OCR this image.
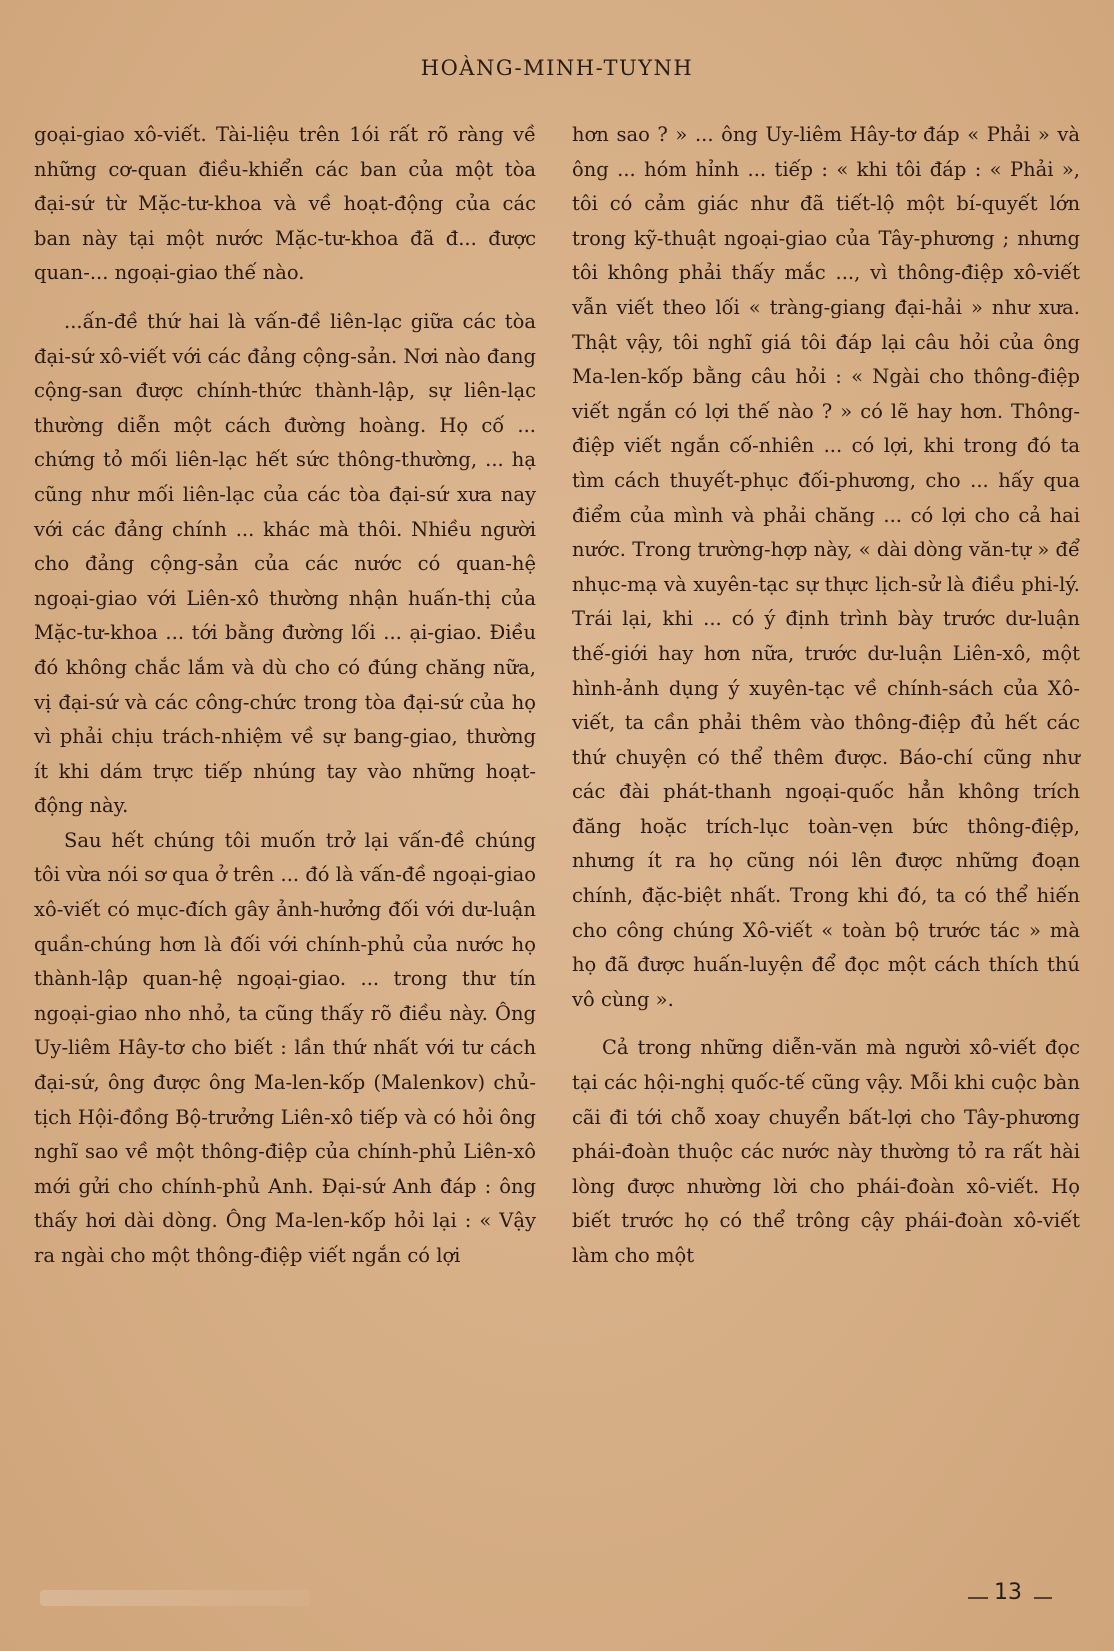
HOÀNG-MINH-TUYNH

goại-giao xô-viết. Tài-liệu trên 1ói rất rõ ràng về những cơ-quan điều-khiển các ban của một tòa đại-sứ từ Mặc-tư-khoa và về hoạt-động của các ban này tại một nước Mặc-tư-khoa đã đ... được quan-... ngoại-giao thế nào.

...ấn-đề thứ hai là vấn-đề liên-lạc giữa các tòa đại-sứ xô-viết với các đảng cộng-sản. Nơi nào đang cộng-san được chính-thức thành-lập, sự liên-lạc thường diễn một cách đường hoàng. Họ cố ... chứng tỏ mối liên-lạc hết sức thông-thường, ... hạ cũng như mối liên-lạc của các tòa đại-sứ xưa nay với các đảng chính ... khác mà thôi. Nhiều người cho đảng cộng-sản của các nước có quan-hệ ngoại-giao với Liên-xô thường nhận huấn-thị của Mặc-tư-khoa ... tới bằng đường lối ... ại-giao. Điều đó không chắc lắm và dù cho có đúng chăng nữa, vị đại-sứ và các công-chức trong tòa đại-sứ của họ vì phải chịu trách-nhiệm về sự bang-giao, thường ít khi dám trực tiếp nhúng tay vào những hoạt-động này.

Sau hết chúng tôi muốn trở lại vấn-đề chúng tôi vừa nói sơ qua ở trên ... đó là vấn-đề ngoại-giao xô-viết có mục-đích gây ảnh-hưởng đối với dư-luận quần-chúng hơn là đối với chính-phủ của nước họ thành-lập quan-hệ ngoại-giao. ... trong thư tín ngoại-giao nho nhỏ, ta cũng thấy rõ điều này. Ông Uy-liêm Hây-tơ cho biết : lần thứ nhất với tư cách đại-sứ, ông được ông Ma-len-kốp (Malenkov) chủ-tịch Hội-đồng Bộ-trưởng Liên-xô tiếp và có hỏi ông nghĩ sao về một thông-điệp của chính-phủ Liên-xô mới gửi cho chính-phủ Anh. Đại-sứ Anh đáp : ông thấy hơi dài dòng. Ông Ma-len-kốp hỏi lại : « Vậy ra ngài cho một thông-điệp viết ngắn có lợi

hơn sao ? » ... ông Uy-liêm Hây-tơ đáp « Phải » và ông ... hóm hỉnh ... tiếp : « khi tôi đáp : « Phải », tôi có cảm giác như đã tiết-lộ một bí-quyết lớn trong kỹ-thuật ngoại-giao của Tây-phương ; nhưng tôi không phải thấy mắc ..., vì thông-điệp xô-viết vẫn viết theo lối « tràng-giang đại-hải » như xưa. Thật vậy, tôi nghĩ giá tôi đáp lại câu hỏi của ông Ma-len-kốp bằng câu hỏi : « Ngài cho thông-điệp viết ngắn có lợi thế nào ? » có lẽ hay hơn. Thông-điệp viết ngắn cố-nhiên ... có lợi, khi trong đó ta tìm cách thuyết-phục đối-phương, cho ... hấy qua điểm của mình và phải chăng ... có lợi cho cả hai nước. Trong trường-hợp này, « dài dòng văn-tự » để nhục-mạ và xuyên-tạc sự thực lịch-sử là điều phi-lý. Trái lại, khi ... có ý định trình bày trước dư-luận thế-giới hay hơn nữa, trước dư-luận Liên-xô, một hình-ảnh dụng ý xuyên-tạc về chính-sách của Xô-viết, ta cần phải thêm vào thông-điệp đủ hết các thứ chuyện có thể thêm được. Báo-chí cũng như các đài phát-thanh ngoại-quốc hẳn không trích đăng hoặc trích-lục toàn-vẹn bức thông-điệp, nhưng ít ra họ cũng nói lên được những đoạn chính, đặc-biệt nhất. Trong khi đó, ta có thể hiến cho công chúng Xô-viết « toàn bộ trước tác » mà họ đã được huấn-luyện để đọc một cách thích thú vô cùng ».

Cả trong những diễn-văn mà người xô-viết đọc tại các hội-nghị quốc-tế cũng vậy. Mỗi khi cuộc bàn cãi đi tới chỗ xoay chuyển bất-lợi cho Tây-phương phái-đoàn thuộc các nước này thường tỏ ra rất hài lòng được nhường lời cho phái-đoàn xô-viết. Họ biết trước họ có thể trông cậy phái-đoàn xô-viết làm cho một

13
